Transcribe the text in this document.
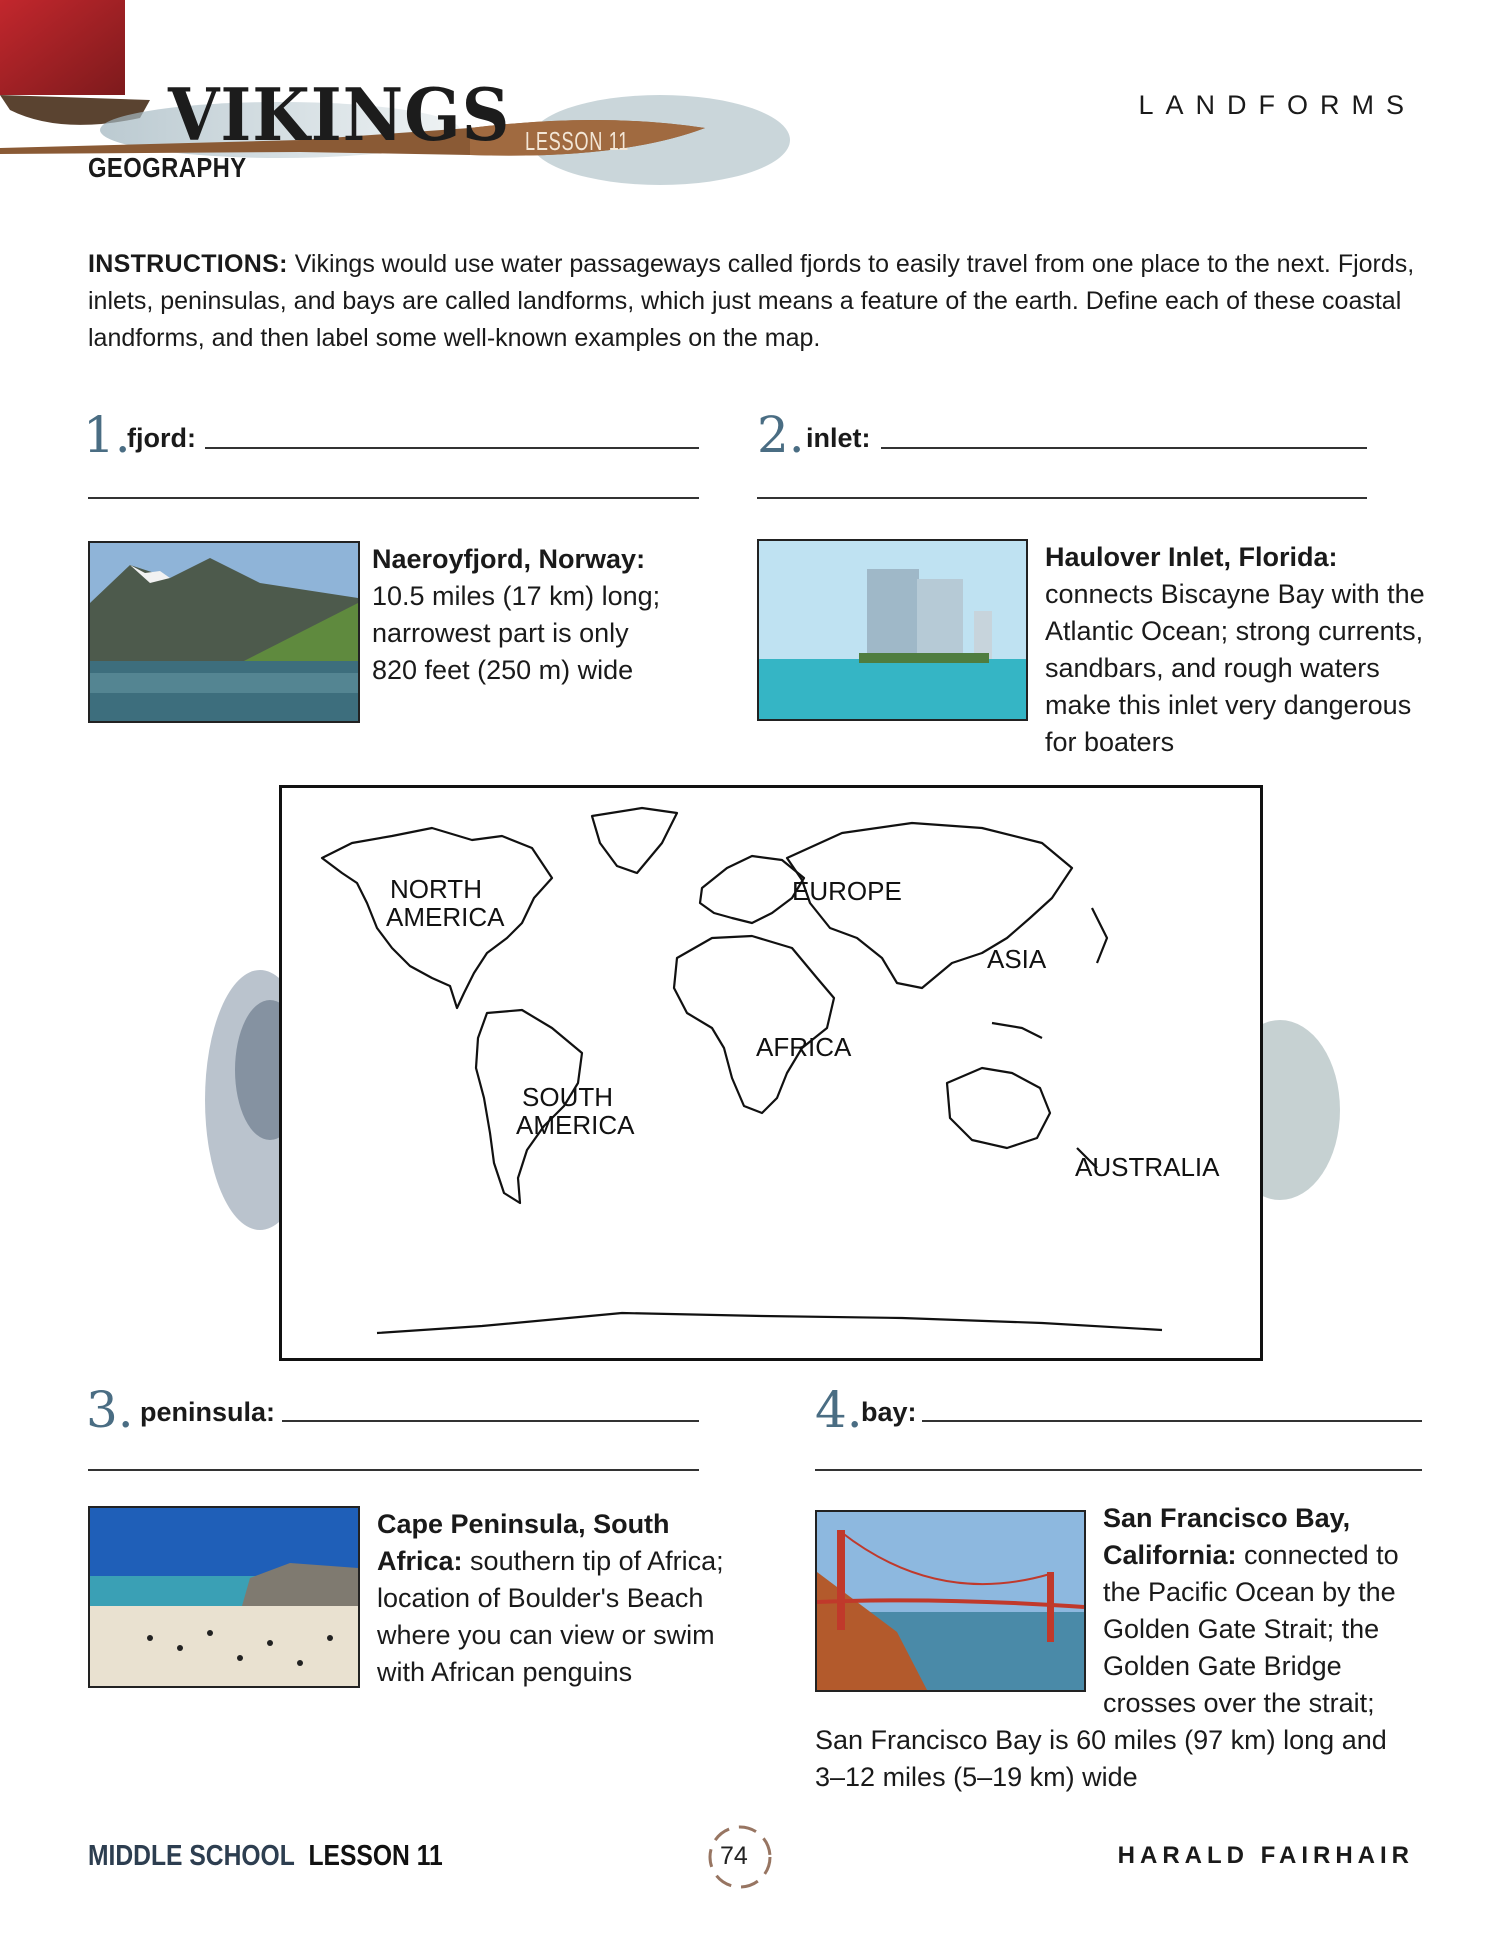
VIKINGS
GEOGRAPHY
LESSON 11
LANDFORMS
INSTRUCTIONS: Vikings would use water passageways called fjords to easily travel from one place to the next. Fjords, inlets, peninsulas, and bays are called landforms, which just means a feature of the earth. Define each of these coastal landforms, and then label some well-known examples on the map.
1.
fjord:
Naeroyfjord, Norway: 10.5 miles (17 km) long; narrowest part is only 820 feet (250 m) wide
2. inlet:
Haulover Inlet, Florida: connects Biscayne Bay with the Atlantic Ocean; strong currents, sandbars, and rough waters make this inlet very dangerous for boaters
NORTH
AMERICA
SOUTH
AMERICA
EUROPE
ASIA
AFRICA
AUSTRALIA
3. peninsula:
Cape Peninsula, South Africa: southern tip of Africa; location of Boulder's Beach where you can view or swim with African penguins
4.
bay:
San Francisco Bay, California: connected to the Pacific Ocean by the Golden Gate Strait; the Golden Gate Bridge crosses over the strait; San Francisco Bay is 60 miles (97 km) long and 3–12 miles (5–19 km) wide
MIDDLE SCHOOL LESSON 11	74	HARALD FAIRHAIR
